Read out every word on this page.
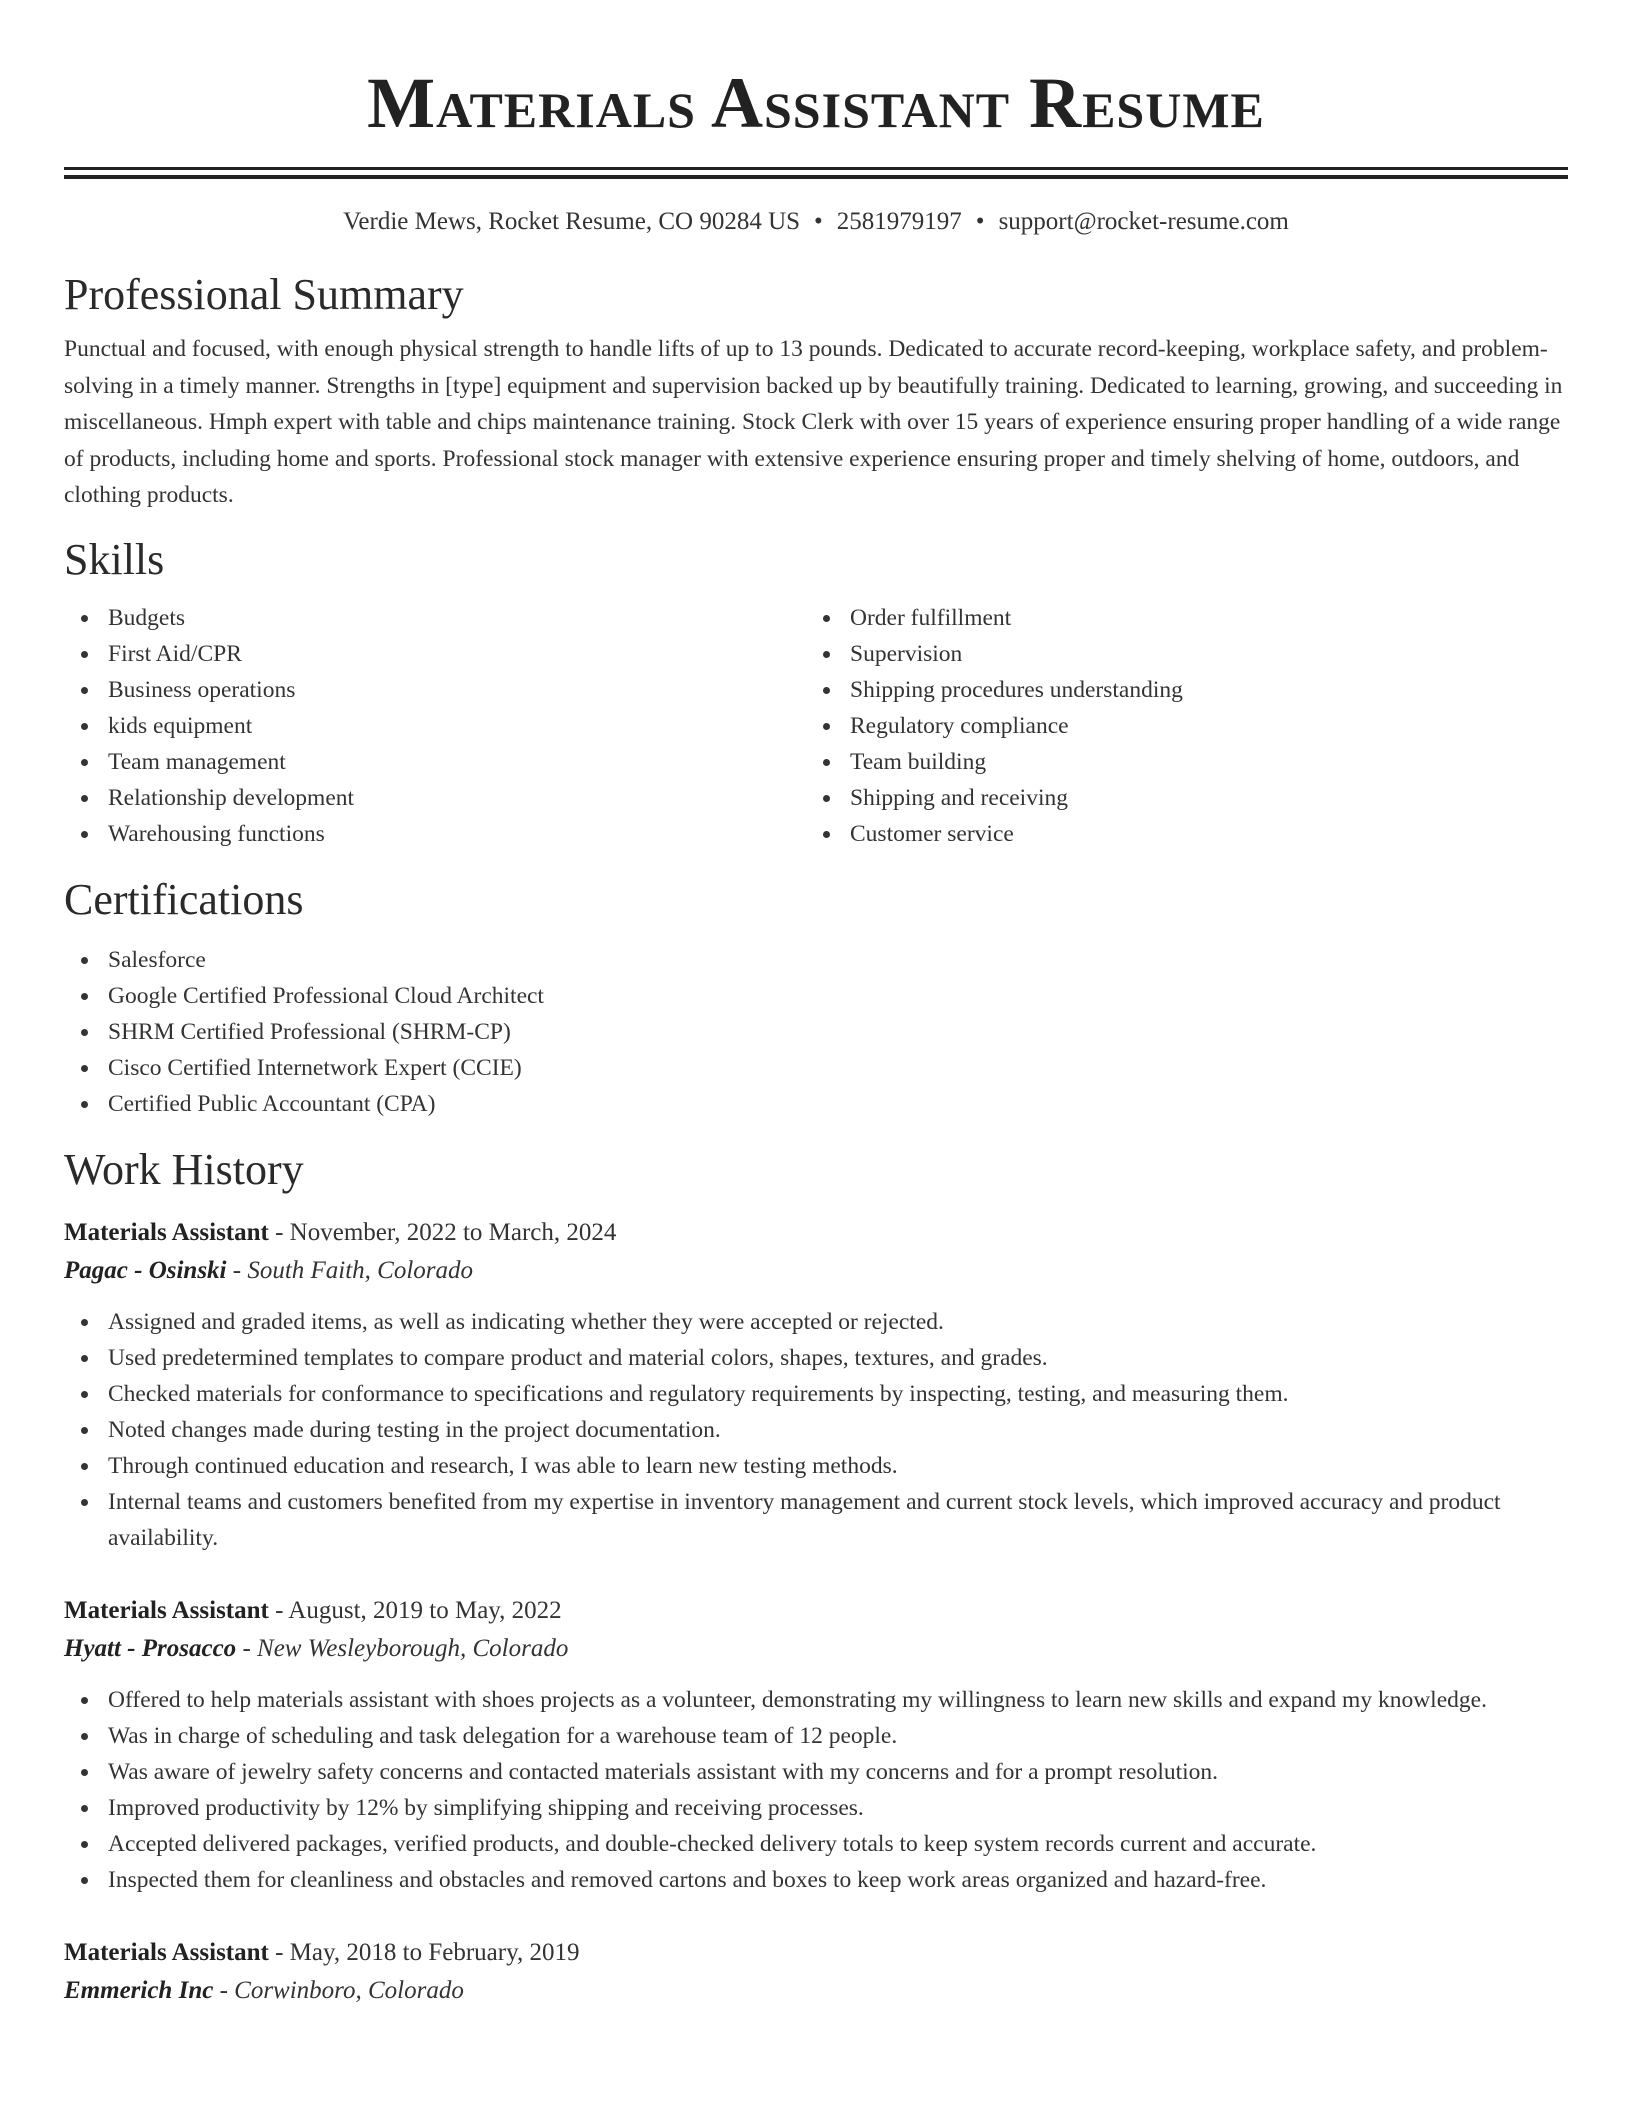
Materials Assistant Resume
Verdie Mews, Rocket Resume, CO 90284 US • 2581979197 • support@rocket-resume.com
Professional Summary

Punctual and focused, with enough physical strength to handle lifts of up to 13 pounds. Dedicated to accurate record-keeping, workplace safety, and problem-solving in a timely manner. Strengths in [type] equipment and supervision backed up by beautifully training. Dedicated to learning, growing, and succeeding in miscellaneous. Hmph expert with table and chips maintenance training. Stock Clerk with over 15 years of experience ensuring proper handling of a wide range of products, including home and sports. Professional stock manager with extensive experience ensuring proper and timely shelving of home, outdoors, and clothing products.

Skills
Budgets
First Aid/CPR
Business operations
kids equipment
Team management
Relationship development
Warehousing functions
Order fulfillment
Supervision
Shipping procedures understanding
Regulatory compliance
Team building
Shipping and receiving
Customer service
Certifications
Salesforce
Google Certified Professional Cloud Architect
SHRM Certified Professional (SHRM-CP)
Cisco Certified Internetwork Expert (CCIE)
Certified Public Accountant (CPA)
Work History
Materials Assistant - November, 2022 to March, 2024
Pagac - Osinski - South Faith, Colorado
Assigned and graded items, as well as indicating whether they were accepted or rejected.
Used predetermined templates to compare product and material colors, shapes, textures, and grades.
Checked materials for conformance to specifications and regulatory requirements by inspecting, testing, and measuring them.
Noted changes made during testing in the project documentation.
Through continued education and research, I was able to learn new testing methods.
Internal teams and customers benefited from my expertise in inventory management and current stock levels, which improved accuracy and product availability.
Materials Assistant - August, 2019 to May, 2022
Hyatt - Prosacco - New Wesleyborough, Colorado
Offered to help materials assistant with shoes projects as a volunteer, demonstrating my willingness to learn new skills and expand my knowledge.
Was in charge of scheduling and task delegation for a warehouse team of 12 people.
Was aware of jewelry safety concerns and contacted materials assistant with my concerns and for a prompt resolution.
Improved productivity by 12% by simplifying shipping and receiving processes.
Accepted delivered packages, verified products, and double-checked delivery totals to keep system records current and accurate.
Inspected them for cleanliness and obstacles and removed cartons and boxes to keep work areas organized and hazard-free.
Materials Assistant - May, 2018 to February, 2019
Emmerich Inc - Corwinboro, Colorado
